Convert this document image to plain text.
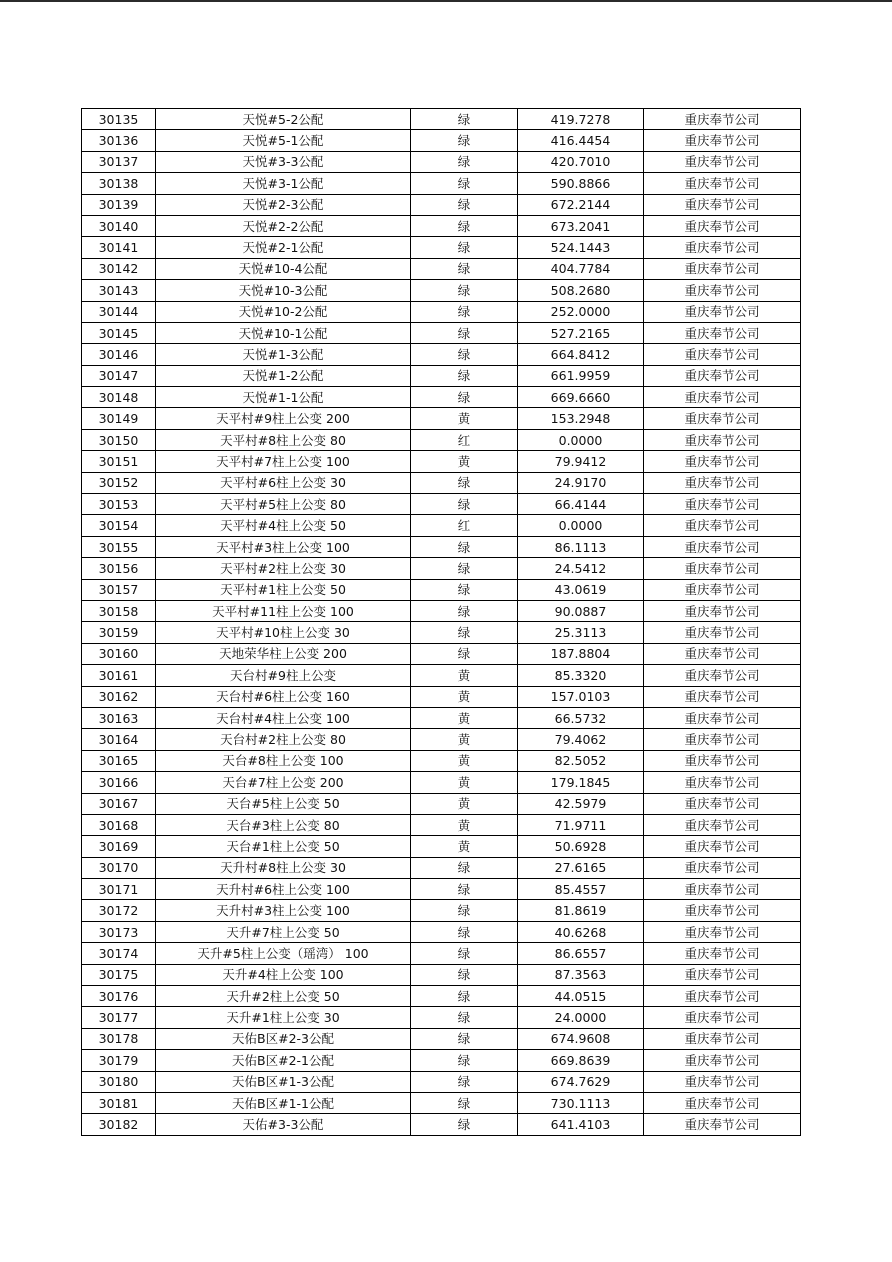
30135	天悦#5-2公配	绿	419.7278	重庆奉节公司
30136	天悦#5-1公配	绿	416.4454	重庆奉节公司
30137	天悦#3-3公配	绿	420.7010	重庆奉节公司
30138	天悦#3-1公配	绿	590.8866	重庆奉节公司
30139	天悦#2-3公配	绿	672.2144	重庆奉节公司
30140	天悦#2-2公配	绿	673.2041	重庆奉节公司
30141	天悦#2-1公配	绿	524.1443	重庆奉节公司
30142	天悦#10-4公配	绿	404.7784	重庆奉节公司
30143	天悦#10-3公配	绿	508.2680	重庆奉节公司
30144	天悦#10-2公配	绿	252.0000	重庆奉节公司
30145	天悦#10-1公配	绿	527.2165	重庆奉节公司
30146	天悦#1-3公配	绿	664.8412	重庆奉节公司
30147	天悦#1-2公配	绿	661.9959	重庆奉节公司
30148	天悦#1-1公配	绿	669.6660	重庆奉节公司
30149	天平村#9柱上公变 200	黄	153.2948	重庆奉节公司
30150	天平村#8柱上公变 80	红	0.0000	重庆奉节公司
30151	天平村#7柱上公变 100	黄	79.9412	重庆奉节公司
30152	天平村#6柱上公变 30	绿	24.9170	重庆奉节公司
30153	天平村#5柱上公变 80	绿	66.4144	重庆奉节公司
30154	天平村#4柱上公变 50	红	0.0000	重庆奉节公司
30155	天平村#3柱上公变 100	绿	86.1113	重庆奉节公司
30156	天平村#2柱上公变 30	绿	24.5412	重庆奉节公司
30157	天平村#1柱上公变 50	绿	43.0619	重庆奉节公司
30158	天平村#11柱上公变 100	绿	90.0887	重庆奉节公司
30159	天平村#10柱上公变 30	绿	25.3113	重庆奉节公司
30160	天地荣华柱上公变 200	绿	187.8804	重庆奉节公司
30161	天台村#9柱上公变	黄	85.3320	重庆奉节公司
30162	天台村#6柱上公变 160	黄	157.0103	重庆奉节公司
30163	天台村#4柱上公变 100	黄	66.5732	重庆奉节公司
30164	天台村#2柱上公变 80	黄	79.4062	重庆奉节公司
30165	天台#8柱上公变 100	黄	82.5052	重庆奉节公司
30166	天台#7柱上公变 200	黄	179.1845	重庆奉节公司
30167	天台#5柱上公变 50	黄	42.5979	重庆奉节公司
30168	天台#3柱上公变 80	黄	71.9711	重庆奉节公司
30169	天台#1柱上公变 50	黄	50.6928	重庆奉节公司
30170	天升村#8柱上公变 30	绿	27.6165	重庆奉节公司
30171	天升村#6柱上公变 100	绿	85.4557	重庆奉节公司
30172	天升村#3柱上公变 100	绿	81.8619	重庆奉节公司
30173	天升#7柱上公变 50	绿	40.6268	重庆奉节公司
30174	天升#5柱上公变（瑶湾） 100	绿	86.6557	重庆奉节公司
30175	天升#4柱上公变 100	绿	87.3563	重庆奉节公司
30176	天升#2柱上公变 50	绿	44.0515	重庆奉节公司
30177	天升#1柱上公变 30	绿	24.0000	重庆奉节公司
30178	天佑B区#2-3公配	绿	674.9608	重庆奉节公司
30179	天佑B区#2-1公配	绿	669.8639	重庆奉节公司
30180	天佑B区#1-3公配	绿	674.7629	重庆奉节公司
30181	天佑B区#1-1公配	绿	730.1113	重庆奉节公司
30182	天佑#3-3公配	绿	641.4103	重庆奉节公司
